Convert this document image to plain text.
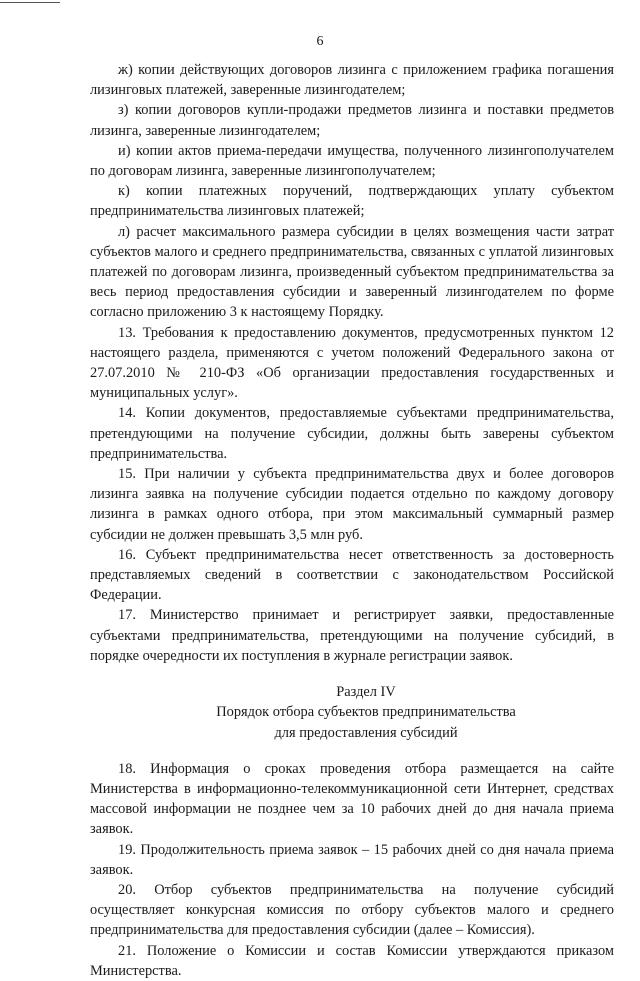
6

ж) копии действующих договоров лизинга с приложением графика погашения лизинговых платежей, заверенные лизингодателем;

з) копии договоров купли-продажи предметов лизинга и поставки предметов лизинга, заверенные лизингодателем;

и) копии актов приема-передачи имущества, полученного лизингополучателем по договорам лизинга, заверенные лизингополучателем;

к) копии платежных поручений, подтверждающих уплату субъектом предпринимательства лизинговых платежей;

л) расчет максимального размера субсидии в целях возмещения части затрат субъектов малого и среднего предпринимательства, связанных с уплатой лизинговых платежей по договорам лизинга, произведенный субъектом предпринимательства за весь период предоставления субсидии и заверенный лизингодателем по форме согласно приложению 3 к настоящему Порядку.

13. Требования к предоставлению документов, предусмотренных пунктом 12 настоящего раздела, применяются с учетом положений Федерального закона от 27.07.2010 № 210-ФЗ «Об организации предоставления государственных и муниципальных услуг».

14. Копии документов, предоставляемые субъектами предпринимательства, претендующими на получение субсидии, должны быть заверены субъектом предпринимательства.

15. При наличии у субъекта предпринимательства двух и более договоров лизинга заявка на получение субсидии подается отдельно по каждому договору лизинга в рамках одного отбора, при этом максимальный суммарный размер субсидии не должен превышать 3,5 млн руб.

16. Субъект предпринимательства несет ответственность за достоверность представляемых сведений в соответствии с законодательством Российской Федерации.

17. Министерство принимает и регистрирует заявки, предоставленные субъектами предпринимательства, претендующими на получение субсидий, в порядке очередности их поступления в журнале регистрации заявок.

Раздел IV
Порядок отбора субъектов предпринимательства
для предоставления субсидий

18. Информация о сроках проведения отбора размещается на сайте Министерства в информационно-телекоммуникационной сети Интернет, средствах массовой информации не позднее чем за 10 рабочих дней до дня начала приема заявок.

19. Продолжительность приема заявок – 15 рабочих дней со дня начала приема заявок.

20. Отбор субъектов предпринимательства на получение субсидий осуществляет конкурсная комиссия по отбору субъектов малого и среднего предпринимательства для предоставления субсидии (далее – Комиссия).

21. Положение о Комиссии и состав Комиссии утверждаются приказом Министерства.
